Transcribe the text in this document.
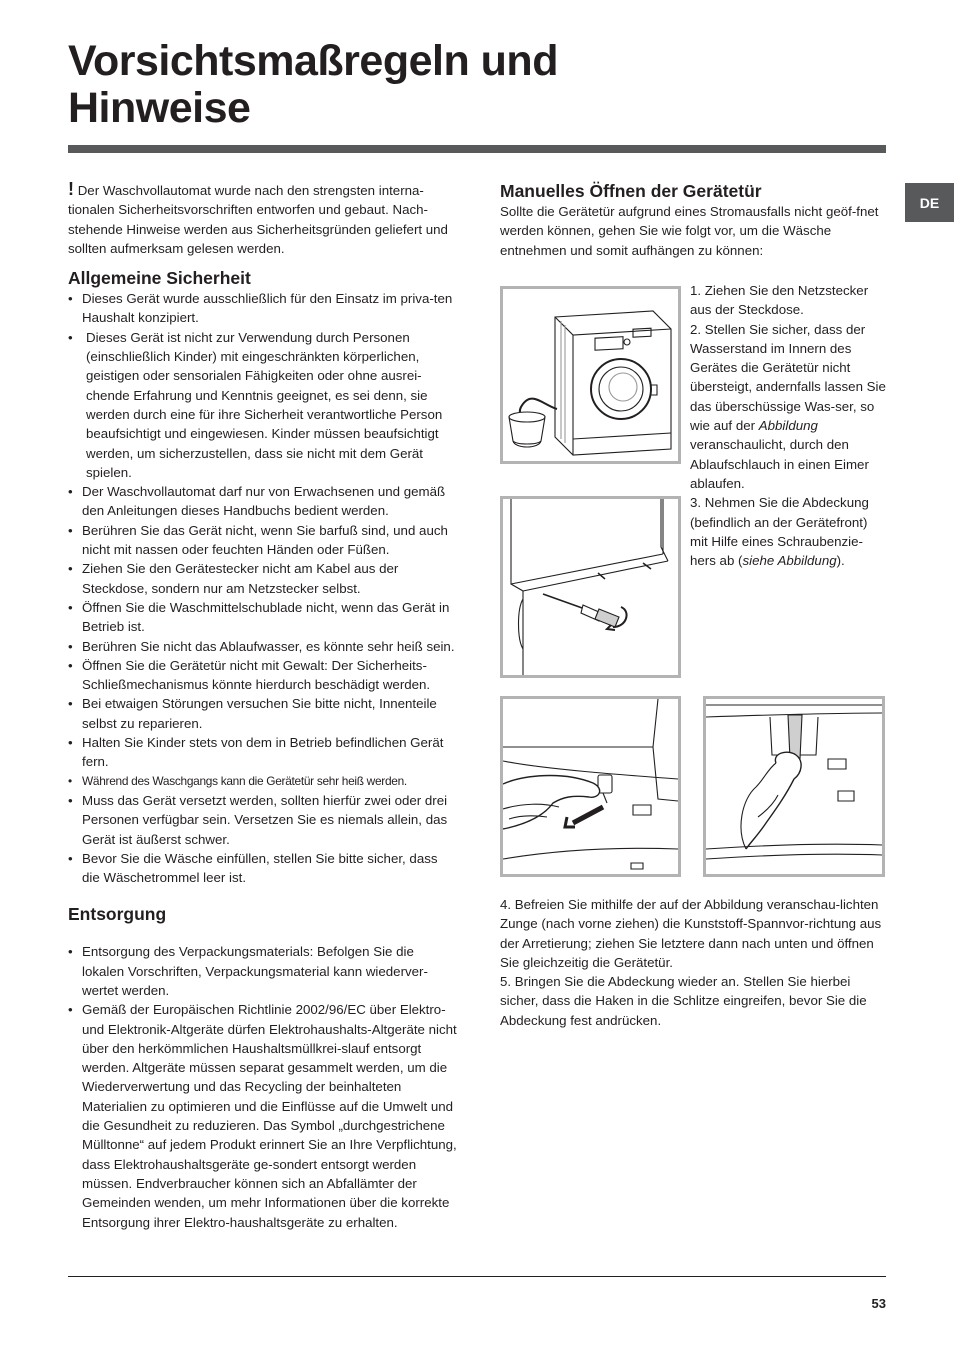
Vorsichtsmaßregeln und
Hinweise
DE

! Der Waschvollautomat wurde nach den strengsten interna-tionalen Sicherheitsvorschriften entworfen und gebaut. Nach-stehende Hinweise werden aus Sicherheitsgründen geliefert und sollten aufmerksam gelesen werden.

Allgemeine Sicherheit
• Dieses Gerät wurde ausschließlich für den Einsatz im priva-ten Haushalt konzipiert.
• Dieses Gerät ist nicht zur Verwendung durch Personen (einschließlich Kinder) mit eingeschränkten körperlichen, geistigen oder sensorialen Fähigkeiten oder ohne ausrei-chende Erfahrung und Kenntnis geeignet, es sei denn, sie werden durch eine für ihre Sicherheit verantwortliche Person beaufsichtigt und eingewiesen. Kinder müssen beaufsichtigt werden, um sicherzustellen, dass sie nicht mit dem Gerät spielen.
• Der Waschvollautomat darf nur von Erwachsenen und gemäß den Anleitungen dieses Handbuchs bedient werden.
• Berühren Sie das Gerät nicht, wenn Sie barfuß sind, und auch nicht mit nassen oder feuchten Händen oder Füßen.
• Ziehen Sie den Gerätestecker nicht am Kabel aus der Steckdose, sondern nur am Netzstecker selbst.
• Öffnen Sie die Waschmittelschublade nicht, wenn das Gerät in Betrieb ist.
• Berühren Sie nicht das Ablaufwasser, es könnte sehr heiß sein.
• Öffnen Sie die Gerätetür nicht mit Gewalt: Der Sicherheits-Schließmechanismus könnte hierdurch beschädigt werden.
• Bei etwaigen Störungen versuchen Sie bitte nicht, Innenteile selbst zu reparieren.
• Halten Sie Kinder stets von dem in Betrieb befindlichen Gerät fern.
• Während des Waschgangs kann die Gerätetür sehr heiß werden.
• Muss das Gerät versetzt werden, sollten hierfür zwei oder drei Personen verfügbar sein. Versetzen Sie es niemals allein, das Gerät ist äußerst schwer.
• Bevor Sie die Wäsche einfüllen, stellen Sie bitte sicher, dass die Wäschetrommel leer ist.
Entsorgung
• Entsorgung des Verpackungsmaterials: Befolgen Sie die lokalen Vorschriften, Verpackungsmaterial kann wiederver-wertet werden.
• Gemäß der Europäischen Richtlinie 2002/96/EC über Elektro- und Elektronik-Altgeräte dürfen Elektrohaushalts-Altgeräte nicht über den herkömmlichen Haushaltsmüllkrei-slauf entsorgt werden. Altgeräte müssen separat gesammelt werden, um die Wiederverwertung und das Recycling der beinhalteten Materialien zu optimieren und die Einflüsse auf die Umwelt und die Gesundheit zu reduzieren. Das Symbol „durchgestrichene Mülltonne“ auf jedem Produkt erinnert Sie an Ihre Verpflichtung, dass Elektrohaushaltsgeräte ge-sondert entsorgt werden müssen. Endverbraucher können sich an Abfallämter der Gemeinden wenden, um mehr Informationen über die korrekte Entsorgung ihrer Elektro-haushaltsgeräte zu erhalten.
Manuelles Öffnen der Gerätetür

Sollte die Gerätetür aufgrund eines Stromausfalls nicht geöf-fnet werden können, gehen Sie wie folgt vor, um die Wäsche entnehmen und somit aufhängen zu können:

1. Ziehen Sie den Netzstecker aus der Steckdose.

2. Stellen Sie sicher, dass der Wasserstand im Innern des Gerätes die Gerätetür nicht übersteigt, andernfalls lassen Sie das überschüssige Was-ser, so wie auf der Abbildung veranschaulicht, durch den Ablaufschlauch in einen Eimer ablaufen.

3. Nehmen Sie die Abdeckung (befindlich an der Gerätefront) mit Hilfe eines Schraubenzie-hers ab (siehe Abbildung).

4. Befreien Sie mithilfe der auf der Abbildung veranschau-lichten Zunge (nach vorne ziehen) die Kunststoff-Spannvor-richtung aus der Arretierung; ziehen Sie letztere dann nach unten und öffnen Sie gleichzeitig die Gerätetür.

5. Bringen Sie die Abdeckung wieder an. Stellen Sie hierbei sicher, dass die Haken in die Schlitze eingreifen, bevor Sie die Abdeckung fest andrücken.

53
